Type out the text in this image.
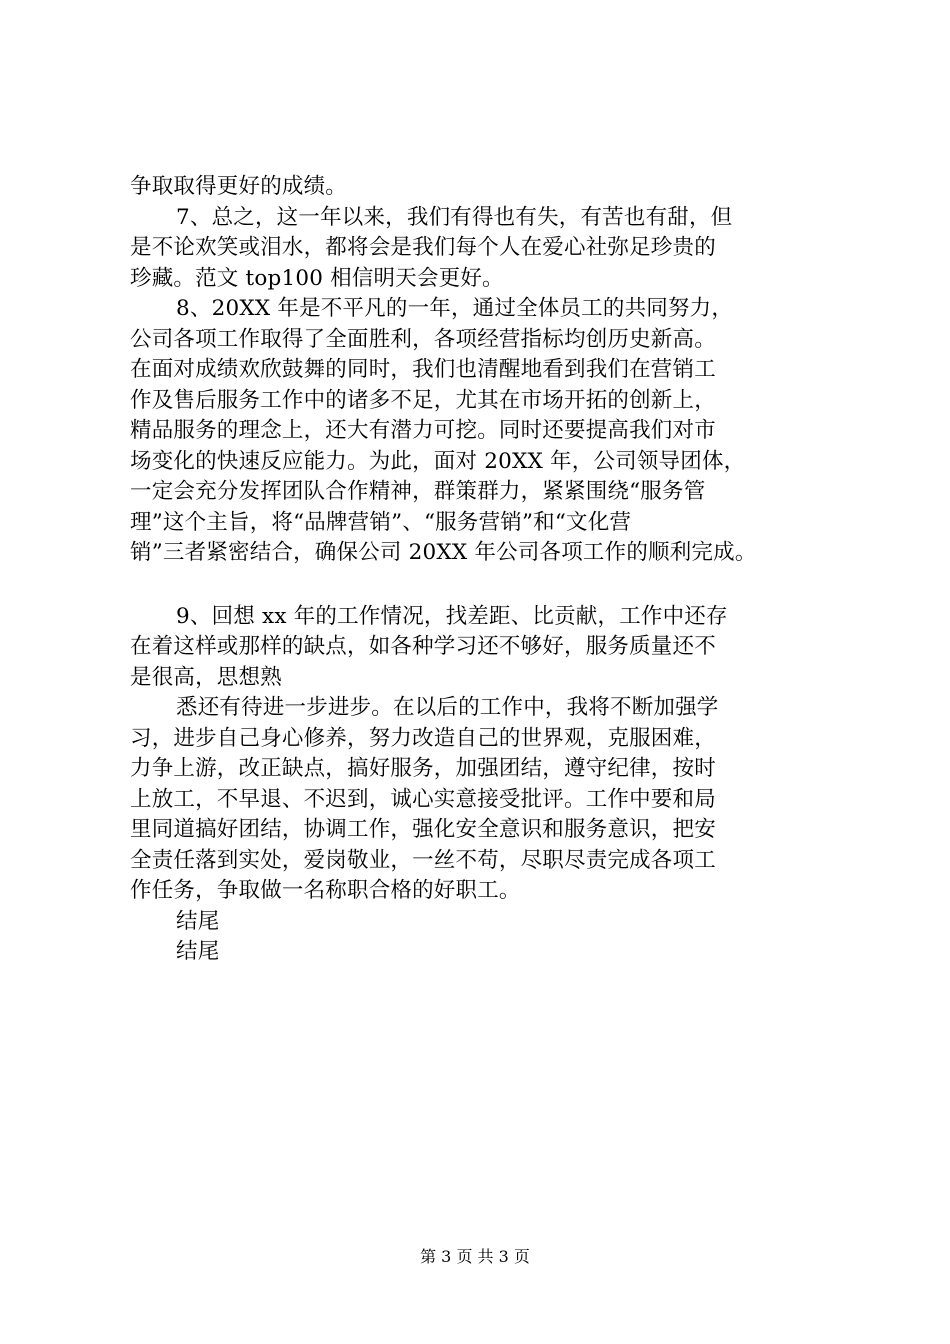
争取取得更好的成绩。
7、总之，这一年以来，我们有得也有失，有苦也有甜，但
是不论欢笑或泪水，都将会是我们每个人在爱心社弥足珍贵的
珍藏。范文 top100 相信明天会更好。
8、20XX 年是不平凡的一年，通过全体员工的共同努力，
公司各项工作取得了全面胜利，各项经营指标均创历史新高。
在面对成绩欢欣鼓舞的同时，我们也清醒地看到我们在营销工
作及售后服务工作中的诸多不足，尤其在市场开拓的创新上，
精品服务的理念上，还大有潜力可挖。同时还要提高我们对市
场变化的快速反应能力。为此，面对 20XX 年，公司领导团体，
一定会充分发挥团队合作精神，群策群力，紧紧围绕“服务管
理”这个主旨，将“品牌营销”、“服务营销”和“文化营
销”三者紧密结合，确保公司 20XX 年公司各项工作的顺利完成。
9、回想 xx 年的工作情况，找差距、比贡献，工作中还存
在着这样或那样的缺点，如各种学习还不够好，服务质量还不
是很高，思想熟
悉还有待进一步进步。在以后的工作中，我将不断加强学
习，进步自己身心修养，努力改造自己的世界观，克服困难，
力争上游，改正缺点，搞好服务，加强团结，遵守纪律，按时
上放工，不早退、不迟到，诚心实意接受批评。工作中要和局
里同道搞好团结，协调工作，强化安全意识和服务意识，把安
全责任落到实处，爱岗敬业，一丝不苟，尽职尽责完成各项工
作任务，争取做一名称职合格的好职工。
结尾
结尾
第 3 页 共 3 页
